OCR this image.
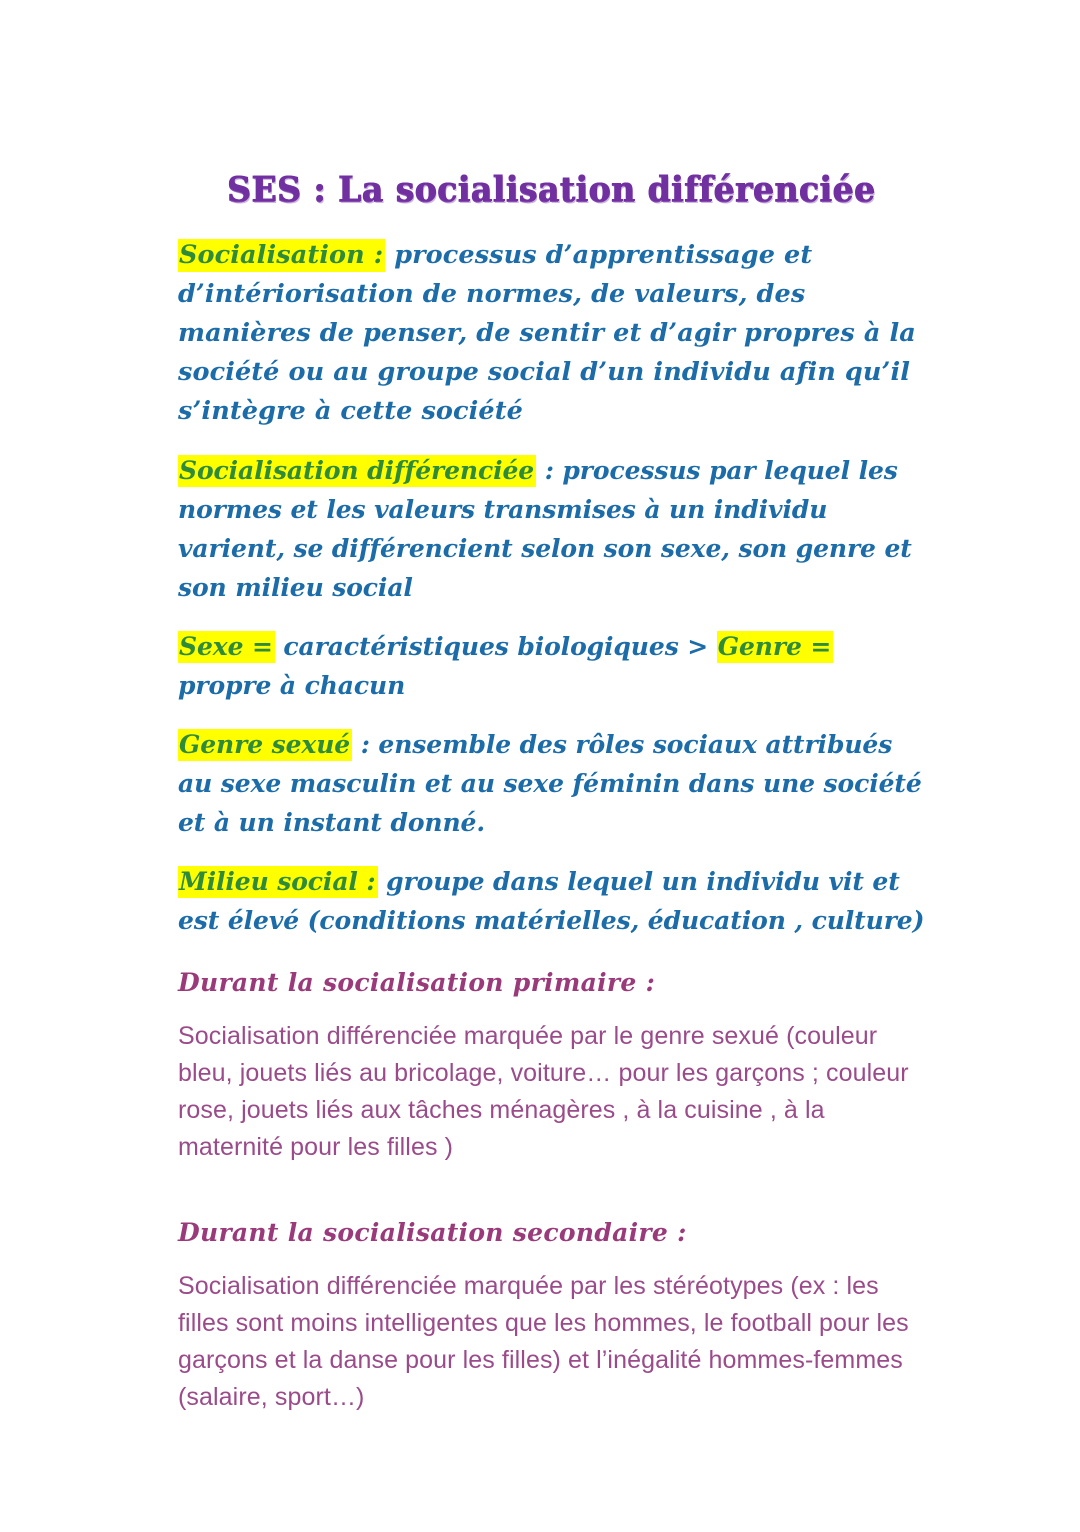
SES : La socialisation différenciée

Socialisation : processus d’apprentissage et d’intériorisation de normes, de valeurs, des manières de penser, de sentir et d’agir propres à la société ou au groupe social d’un individu afin qu’il s’intègre à cette société

Socialisation différenciée : processus par lequel les normes et les valeurs transmises à un individu varient, se différencient selon son sexe, son genre et son milieu social

Sexe = caractéristiques biologiques > Genre = propre à chacun

Genre sexué : ensemble des rôles sociaux attribués au sexe masculin et au sexe féminin dans une société et à un instant donné.

Milieu social : groupe dans lequel un individu vit et est élevé (conditions matérielles, éducation , culture)

Durant la socialisation primaire :

Socialisation différenciée marquée par le genre sexué (couleur bleu, jouets liés au bricolage, voiture… pour les garçons ; couleur rose, jouets liés aux tâches ménagères , à la cuisine , à la maternité pour les filles )

Durant la socialisation secondaire :

Socialisation différenciée marquée par les stéréotypes (ex : les filles sont moins intelligentes que les hommes, le football pour les garçons et la danse pour les filles) et l’inégalité hommes-femmes (salaire, sport…)
